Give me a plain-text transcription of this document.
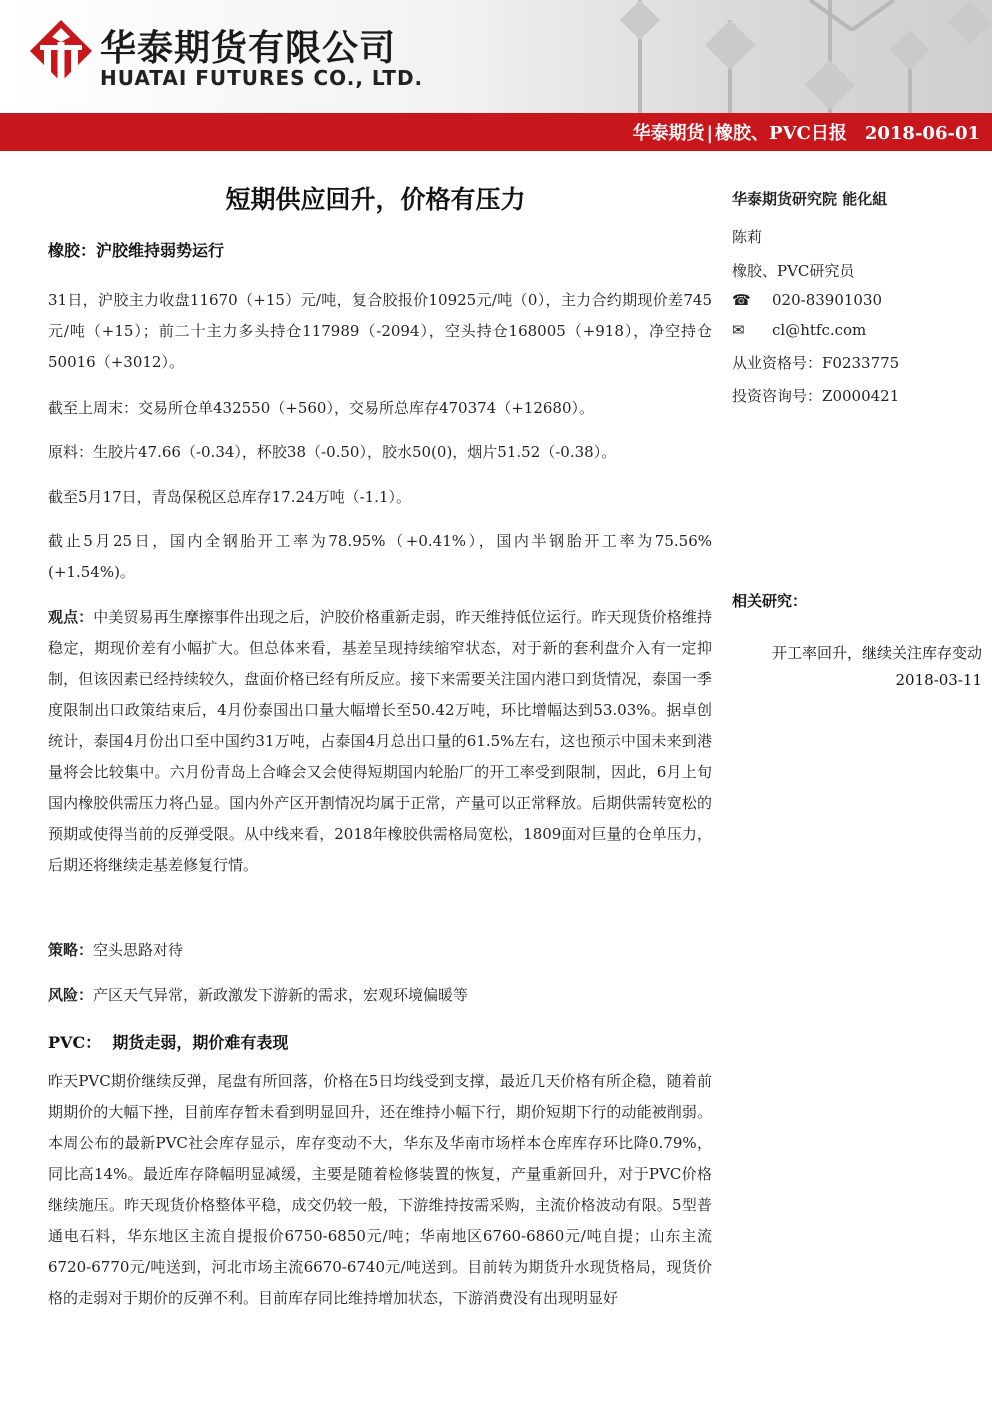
华泰期货有限公司
HUATAI FUTURES CO., LTD.
华泰期货 | 橡胶、PVC日报 2018-06-01
短期供应回升，价格有压力
橡胶：沪胶维持弱势运行
31日，沪胶主力收盘11670（+15）元/吨，复合胶报价10925元/吨（0），主力合约期现价差745元/吨（+15）；前二十主力多头持仓117989（-2094），空头持仓168005（+918），净空持仓50016（+3012）。
截至上周末：交易所仓单432550（+560），交易所总库存470374（+12680）。
原料：生胶片47.66（-0.34），杯胶38（-0.50），胶水50(0)，烟片51.52（-0.38）。
截至5月17日，青岛保税区总库存17.24万吨（-1.1）。
截止5月25日，国内全钢胎开工率为78.95%（+0.41%），国内半钢胎开工率为75.56%(+1.54%)。
观点：中美贸易再生摩擦事件出现之后，沪胶价格重新走弱，昨天维持低位运行。昨天现货价格维持稳定，期现价差有小幅扩大。但总体来看，基差呈现持续缩窄状态，对于新的套利盘介入有一定抑制，但该因素已经持续较久，盘面价格已经有所反应。接下来需要关注国内港口到货情况，泰国一季度限制出口政策结束后，4月份泰国出口量大幅增长至50.42万吨，环比增幅达到53.03%。据卓创统计，泰国4月份出口至中国约31万吨，占泰国4月总出口量的61.5%左右，这也预示中国未来到港量将会比较集中。六月份青岛上合峰会又会使得短期国内轮胎厂的开工率受到限制，因此，6月上旬国内橡胶供需压力将凸显。国内外产区开割情况均属于正常，产量可以正常释放。后期供需转宽松的预期或使得当前的反弹受限。从中线来看，2018年橡胶供需格局宽松，1809面对巨量的仓单压力，后期还将继续走基差修复行情。
策略：空头思路对待
风险：产区天气异常，新政激发下游新的需求，宏观环境偏暖等
PVC：  期货走弱，期价难有表现
昨天PVC期价继续反弹，尾盘有所回落，价格在5日均线受到支撑，最近几天价格有所企稳，随着前期期价的大幅下挫，目前库存暂未看到明显回升，还在维持小幅下行，期价短期下行的动能被削弱。本周公布的最新PVC社会库存显示，库存变动不大，华东及华南市场样本仓库库存环比降0.79%，同比高14%。最近库存降幅明显减缓，主要是随着检修装置的恢复，产量重新回升，对于PVC价格继续施压。昨天现货价格整体平稳，成交仍较一般，下游维持按需采购，主流价格波动有限。5型普通电石料，华东地区主流自提报价6750-6850元/吨；华南地区6760-6860元/吨自提；山东主流6720-6770元/吨送到，河北市场主流6670-6740元/吨送到。目前转为期货升水现货格局，现货价格的走弱对于期价的反弹不利。目前库存同比维持增加状态，下游消费没有出现明显好
华泰期货研究院 能化組
陈莉
橡胶、PVC研究员
☎ 020-83901030
✉	cl@htfc.com
从业资格号：F0233775
投资咨询号：Z0000421
相关研究：
开工率回升，继续关注库存变动
2018-03-11
